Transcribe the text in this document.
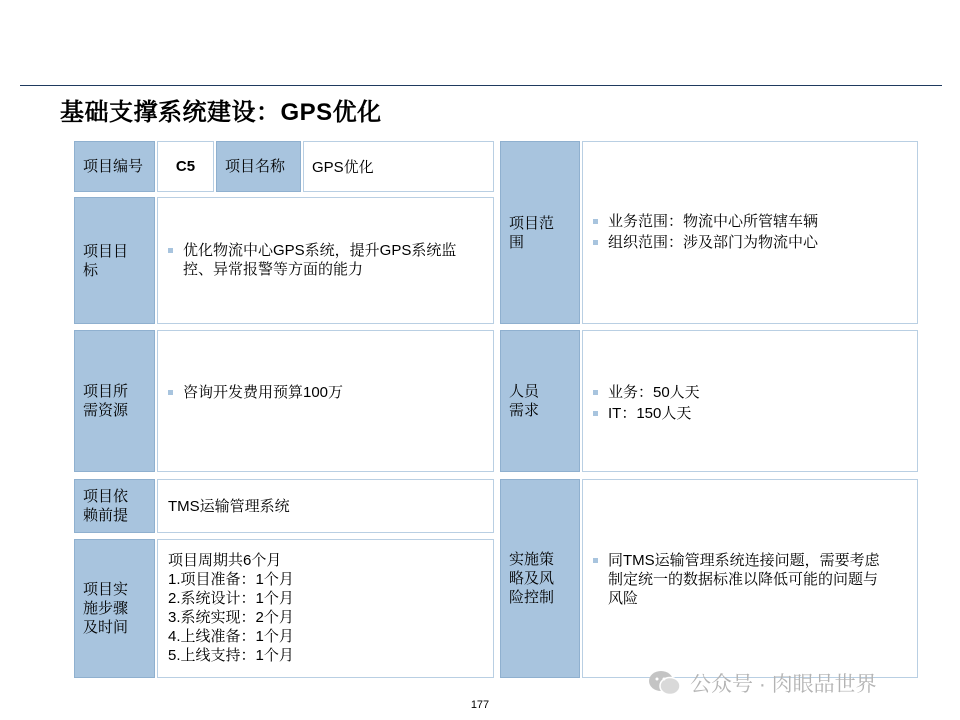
基础支撑系统建设：GPS优化
项目编号 C5 项目名称	GPS优化
项目目
标
优化物流中心GPS系统，提升GPS系统监
控、异常报警等方面的能力
项目所
需资源
咨询开发费用预算100万
项目依
赖前提
TMS运输管理系统
项目实
施步骤
及时间
项目周期共6个月
1.项目准备：1个月
2.系统设计：1个月
3.系统实现：2个月
4.上线准备：1个月
5.上线支持：1个月
项目范
围
业务范围：物流中心所管辖车辆
组织范围：涉及部门为物流中心
人员
需求
业务：50人天
IT：150人天
实施策
略及风
险控制
同TMS运输管理系统连接问题，需要考虑
制定统一的数据标准以降低可能的问题与
风险
公众号 · 肉眼品世界
177
